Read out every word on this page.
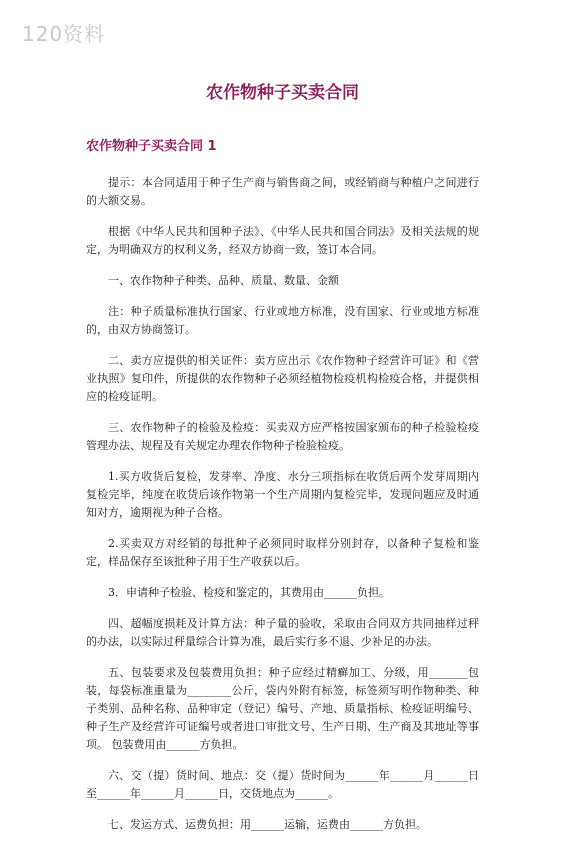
120资料
农作物种子买卖合同
农作物种子买卖合同 1

提示：本合同适用于种子生产商与销售商之间，或经销商与种植户之间进行的大额交易。

根据《中华人民共和国种子法》、《中华人民共和国合同法》及相关法规的规定，为明确双方的权利义务，经双方协商一致，签订本合同。

一、农作物种子种类、品种、质量、数量、金额

注：种子质量标准执行国家、行业或地方标准，没有国家、行业或地方标准的，由双方协商签订。

二、卖方应提供的相关证件：卖方应出示《农作物种子经营许可证》和《营业执照》复印件，所提供的农作物种子必须经植物检疫机构检疫合格，并提供相应的检疫证明。

三、农作物种子的检验及检疫：买卖双方应严格按国家颁布的种子检验检疫管理办法、规程及有关规定办理农作物种子检验检疫。

1.买方收货后复检，发芽率、净度、水分三项指标在收货后两个发芽周期内复检完毕，纯度在收货后该作物第一个生产周期内复检完毕，发现问题应及时通知对方，逾期视为种子合格。

2.买卖双方对经销的每批种子必须同时取样分别封存，以备种子复检和鉴定，样品保存至该批种子用于生产收获以后。

3．申请种子检验、检疫和鉴定的，其费用由______负担。

四、超幅度损耗及计算方法：种子量的验收，采取由合同双方共同抽样过秤的办法，以实际过秤量综合计算为准，最后实行多不退、少补足的办法。

五、包装要求及包装费用负担：种子应经过精癣加工、分级，用_______包装，每袋标准重量为________公斤，袋内外附有标签，标签须写明作物种类、种子类别、品种名称、品种审定（登记）编号、产地、质量指标、检疫证明编号、种子生产及经营许可证编号或者进口审批文号、生产日期、生产商及其地址等事项。 包装费用由______方负担。

六、交（提）货时间、地点：交（提）货时间为______年______月______日至______年______月______日，交货地点为______。

七、发运方式、运费负担：用______运输，运费由______方负担。
